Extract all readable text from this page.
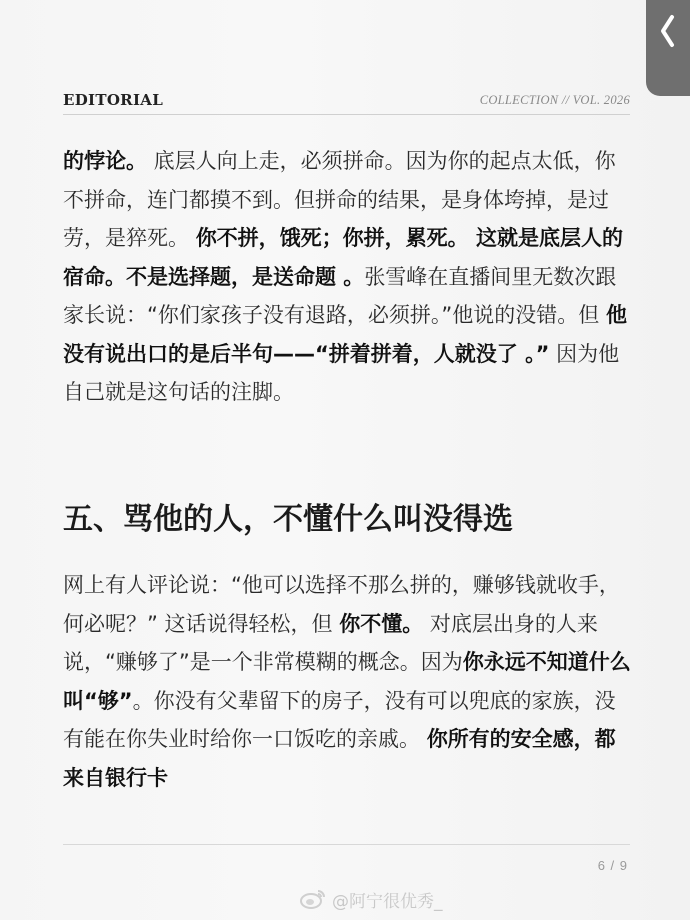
EDITORIAL	COLLECTION // VOL. 2026

的悖论。 底层人向上走，必须拼命。因为你的起点太低，你不拼命，连门都摸不到。但拼命的结果，是身体垮掉，是过劳，是猝死。 你不拼，饿死；你拼，累死。 这就是底层人的宿命。不是选择题，是送命题 。张雪峰在直播间里无数次跟家长说：“你们家孩子没有退路，必须拼。”他说的没错。但 他没有说出口的是后半句——“拼着拼着，人就没了 。” 因为他自己就是这句话的注脚。

五、骂他的人，不懂什么叫没得选

网上有人评论说：“他可以选择不那么拼的，赚够钱就收手，何必呢？” 这话说得轻松，但 你不懂。 对底层出身的人来说，“赚够了”是一个非常模糊的概念。因为你永远不知道什么叫“够”。你没有父辈留下的房子，没有可以兜底的家族，没有能在你失业时给你一口饭吃的亲戚。 你所有的安全感，都来自银行卡

6 / 9
@阿宁很优秀_
